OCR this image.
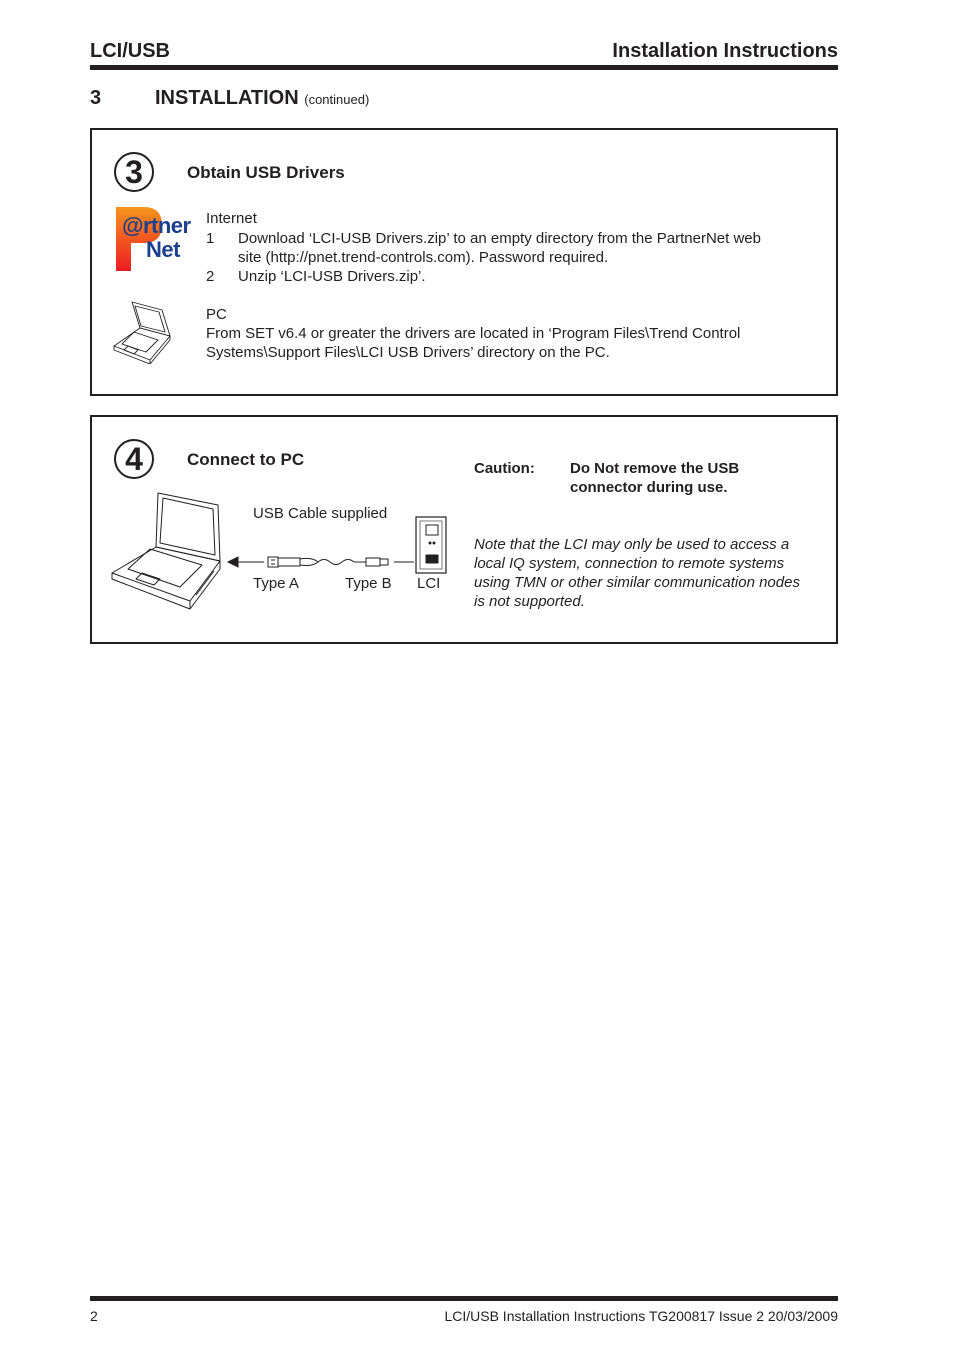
LCI/USB	Installation Instructions
3	INSTALLATION (continued)
3	Obtain USB Drivers
@rtner
Net
Internet
1 Download ‘LCI-USB Drivers.zip’ to an empty directory from the PartnerNet web
site (http://pnet.trend-controls.com). Password required.
2 Unzip ‘LCI-USB Drivers.zip’.
PC
From SET v6.4 or greater the drivers are located in ‘Program Files\Trend Control
Systems\Support Files\LCI USB Drivers’ directory on the PC.
4	Connect to PC
USB Cable supplied
Type A	Type B LCI
Caution: Do Not remove the USB
connector during use.
Note that the LCI may only be used to access a
local IQ system, connection to remote systems
using TMN or other similar communication nodes
is not supported.
2	LCI/USB Installation Instructions TG200817 Issue 2 20/03/2009
